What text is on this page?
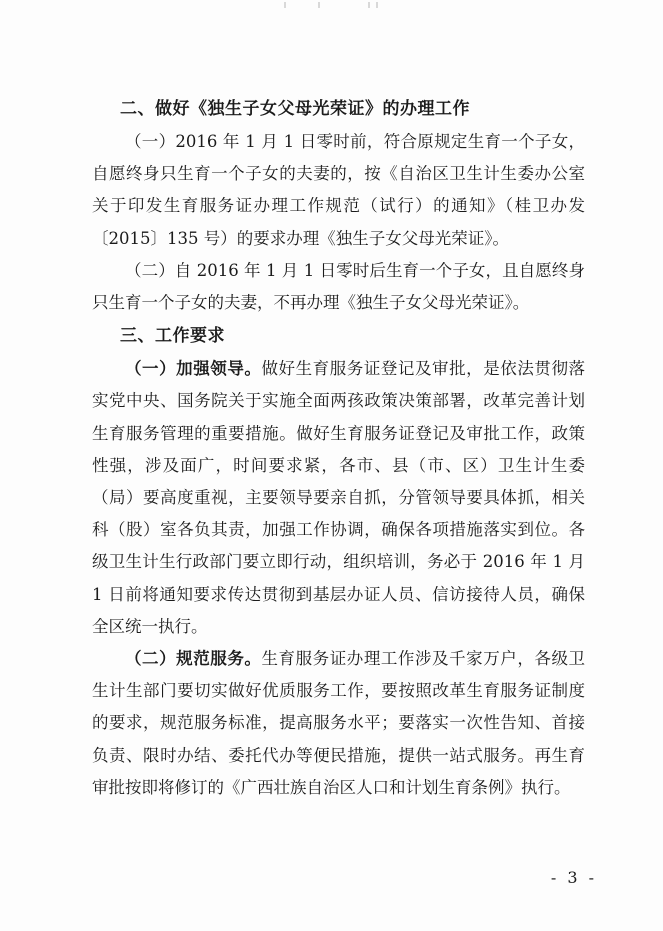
二、做好《独生子女父母光荣证》的办理工作

（一）2016 年 1 月 1 日零时前，符合原规定生育一个子女，自愿终身只生育一个子女的夫妻的，按《自治区卫生计生委办公室关于印发生育服务证办理工作规范（试行）的通知》（桂卫办发〔2015〕135 号）的要求办理《独生子女父母光荣证》。

（二）自 2016 年 1 月 1 日零时后生育一个子女，且自愿终身只生育一个子女的夫妻，不再办理《独生子女父母光荣证》。

三、工作要求

（一）加强领导。做好生育服务证登记及审批，是依法贯彻落实党中央、国务院关于实施全面两孩政策决策部署，改革完善计划生育服务管理的重要措施。做好生育服务证登记及审批工作，政策性强，涉及面广，时间要求紧，各市、县（市、区）卫生计生委（局）要高度重视，主要领导要亲自抓，分管领导要具体抓，相关科（股）室各负其责，加强工作协调，确保各项措施落实到位。各级卫生计生行政部门要立即行动，组织培训，务必于 2016 年 1 月 1 日前将通知要求传达贯彻到基层办证人员、信访接待人员，确保全区统一执行。

（二）规范服务。生育服务证办理工作涉及千家万户，各级卫生计生部门要切实做好优质服务工作，要按照改革生育服务证制度的要求，规范服务标准，提高服务水平；要落实一次性告知、首接负责、限时办结、委托代办等便民措施，提供一站式服务。再生育审批按即将修订的《广西壮族自治区人口和计划生育条例》执行。

- 3 -
